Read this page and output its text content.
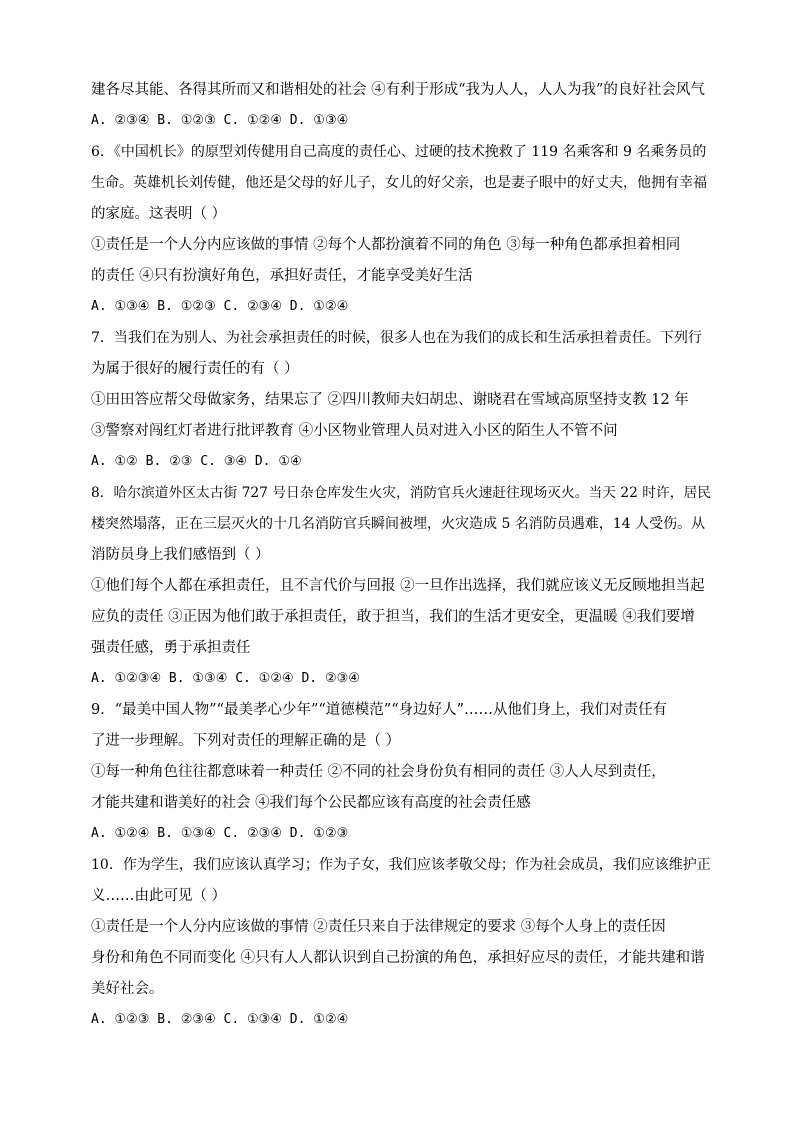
建各尽其能、各得其所而又和谐相处的社会 ④有利于形成“我为人人，人人为我”的良好社会风气
A. ②③④ B. ①②③ C. ①②④ D. ①③④
6．《中国机长》的原型刘传健用自己高度的责任心、过硬的技术挽救了 119 名乘客和 9 名乘务员的
生命。英雄机长刘传健，他还是父母的好儿子，女儿的好父亲，也是妻子眼中的好丈夫，他拥有幸福
的家庭。这表明（ ）
①责任是一个人分内应该做的事情 ②每个人都扮演着不同的角色 ③每一种角色都承担着相同
的责任 ④只有扮演好角色，承担好责任，才能享受美好生活
A. ①③④ B. ①②③ C. ②③④ D. ①②④
7．当我们在为别人、为社会承担责任的时候，很多人也在为我们的成长和生活承担着责任。下列行
为属于很好的履行责任的有（ ）
①田田答应帮父母做家务，结果忘了 ②四川教师夫妇胡忠、谢晓君在雪域高原坚持支教 12 年
③警察对闯红灯者进行批评教育 ④小区物业管理人员对进入小区的陌生人不管不问
A. ①② B. ②③ C. ③④ D. ①④
8．哈尔滨道外区太古街 727 号日杂仓库发生火灾，消防官兵火速赶往现场灭火。当天 22 时许，居民
楼突然塌落，正在三层灭火的十几名消防官兵瞬间被埋，火灾造成 5 名消防员遇难，14 人受伤。从
消防员身上我们感悟到（ ）
①他们每个人都在承担责任，且不言代价与回报 ②一旦作出选择，我们就应该义无反顾地担当起
应负的责任 ③正因为他们敢于承担责任，敢于担当，我们的生活才更安全，更温暖 ④我们要增
强责任感，勇于承担责任
A. ①②③④ B. ①③④ C. ①②④ D. ②③④
9．“最美中国人物”“最美孝心少年”“道德模范”“身边好人”……从他们身上，我们对责任有
了进一步理解。下列对责任的理解正确的是（ ）
①每一种角色往往都意味着一种责任 ②不同的社会身份负有相同的责任 ③人人尽到责任，
才能共建和谐美好的社会 ④我们每个公民都应该有高度的社会责任感
A. ①②④ B. ①③④ C. ②③④ D. ①②③
10．作为学生，我们应该认真学习；作为子女，我们应该孝敬父母；作为社会成员，我们应该维护正
义……由此可见（ ）
①责任是一个人分内应该做的事情 ②责任只来自于法律规定的要求 ③每个人身上的责任因
身份和角色不同而变化 ④只有人人都认识到自己扮演的角色，承担好应尽的责任，才能共建和谐
美好社会。
A. ①②③ B. ②③④ C. ①③④ D. ①②④
